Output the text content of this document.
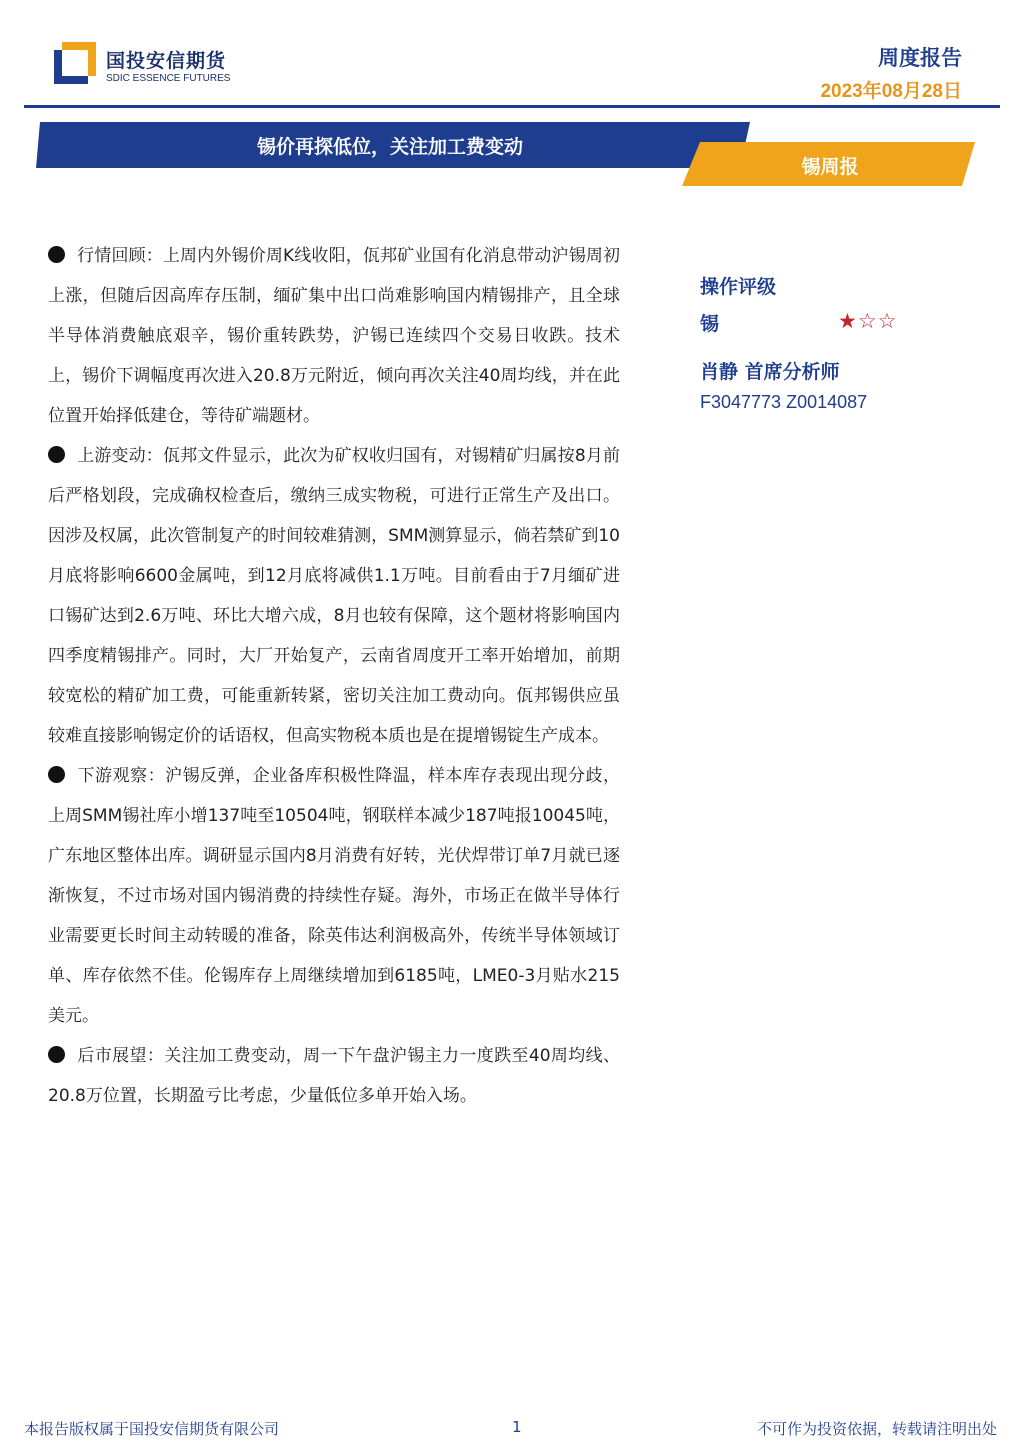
国投安信期货
SDIC ESSENCE FUTURES
周度报告
2023年08月28日
锡价再探低位，关注加工费变动
锡周报

行情回顾：上周内外锡价周K线收阳，佤邦矿业国有化消息带动沪锡周初上涨，但随后因高库存压制，缅矿集中出口尚难影响国内精锡排产，且全球半导体消费触底艰辛，锡价重转跌势，沪锡已连续四个交易日收跌。技术上，锡价下调幅度再次进入20.8万元附近，倾向再次关注40周均线，并在此位置开始择低建仓，等待矿端题材。

上游变动：佤邦文件显示，此次为矿权收归国有，对锡精矿归属按8月前后严格划段，完成确权检查后，缴纳三成实物税，可进行正常生产及出口。因涉及权属，此次管制复产的时间较难猜测，SMM测算显示，倘若禁矿到10月底将影响6600金属吨，到12月底将减供1.1万吨。目前看由于7月缅矿进口锡矿达到2.6万吨、环比大增六成，8月也较有保障，这个题材将影响国内四季度精锡排产。同时，大厂开始复产，云南省周度开工率开始增加，前期较宽松的精矿加工费，可能重新转紧，密切关注加工费动向。佤邦锡供应虽较难直接影响锡定价的话语权，但高实物税本质也是在提增锡锭生产成本。

下游观察：沪锡反弹，企业备库积极性降温，样本库存表现出现分歧，上周SMM锡社库小增137吨至10504吨，钢联样本减少187吨报10045吨，广东地区整体出库。调研显示国内8月消费有好转，光伏焊带订单7月就已逐渐恢复，不过市场对国内锡消费的持续性存疑。海外，市场正在做半导体行业需要更长时间主动转暖的准备，除英伟达利润极高外，传统半导体领域订单、库存依然不佳。伦锡库存上周继续增加到6185吨，LME0-3月贴水215美元。

后市展望：关注加工费变动，周一下午盘沪锡主力一度跌至40周均线、20.8万位置，长期盈亏比考虑，少量低位多单开始入场。

操作评级
锡	★☆☆
肖静 首席分析师
F3047773 Z0014087
本报告版权属于国投安信期货有限公司	1	不可作为投资依据，转载请注明出处
